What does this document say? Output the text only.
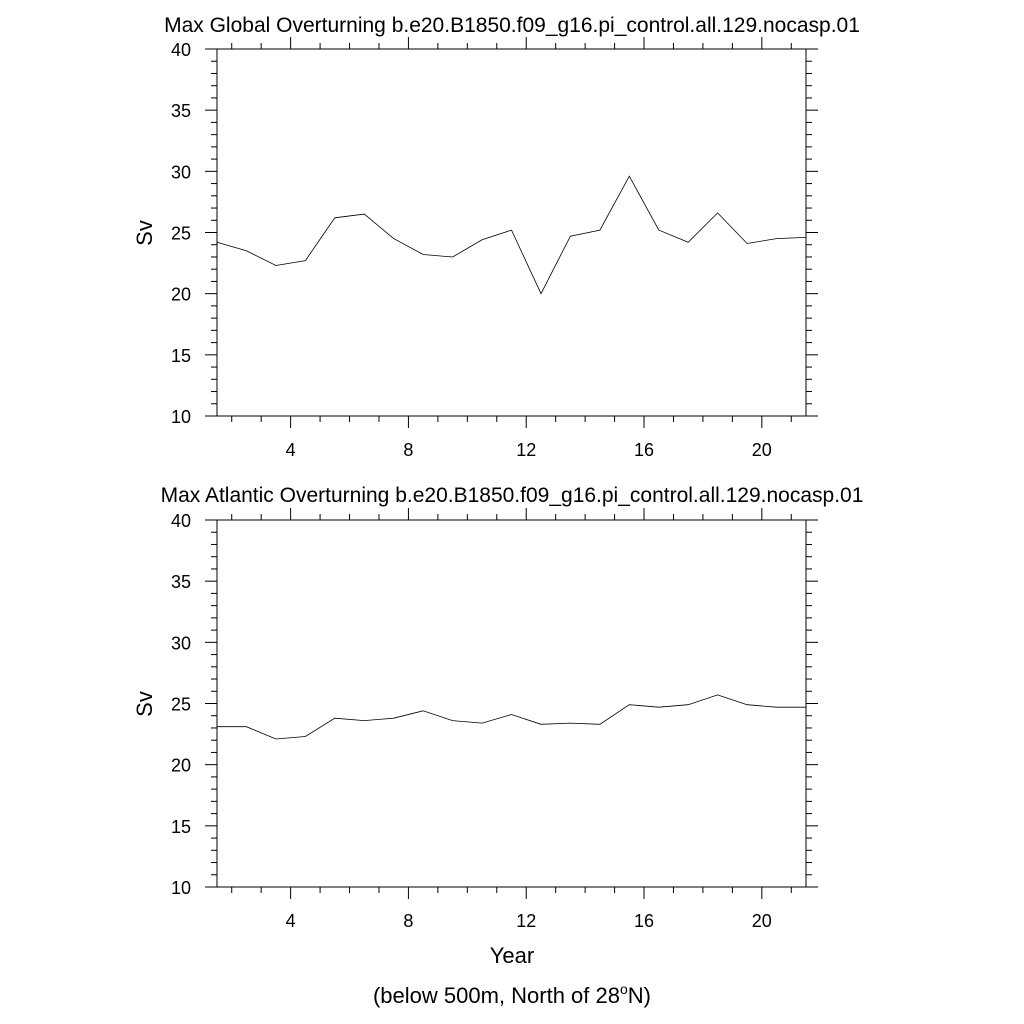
Max Global Overturning b.e20.B1850.f09_g16.pi_control.all.129.nocasp.01
Sv
10
15
20
25
30
35
40
4	8	12	16	20
Max Atlantic Overturning b.e20.B1850.f09_g16.pi_control.all.129.nocasp.01
Sv
10
15
20
25
30
35
40
4	8	12	16	20
Year
(below 500m, North of 28$^o$N)
